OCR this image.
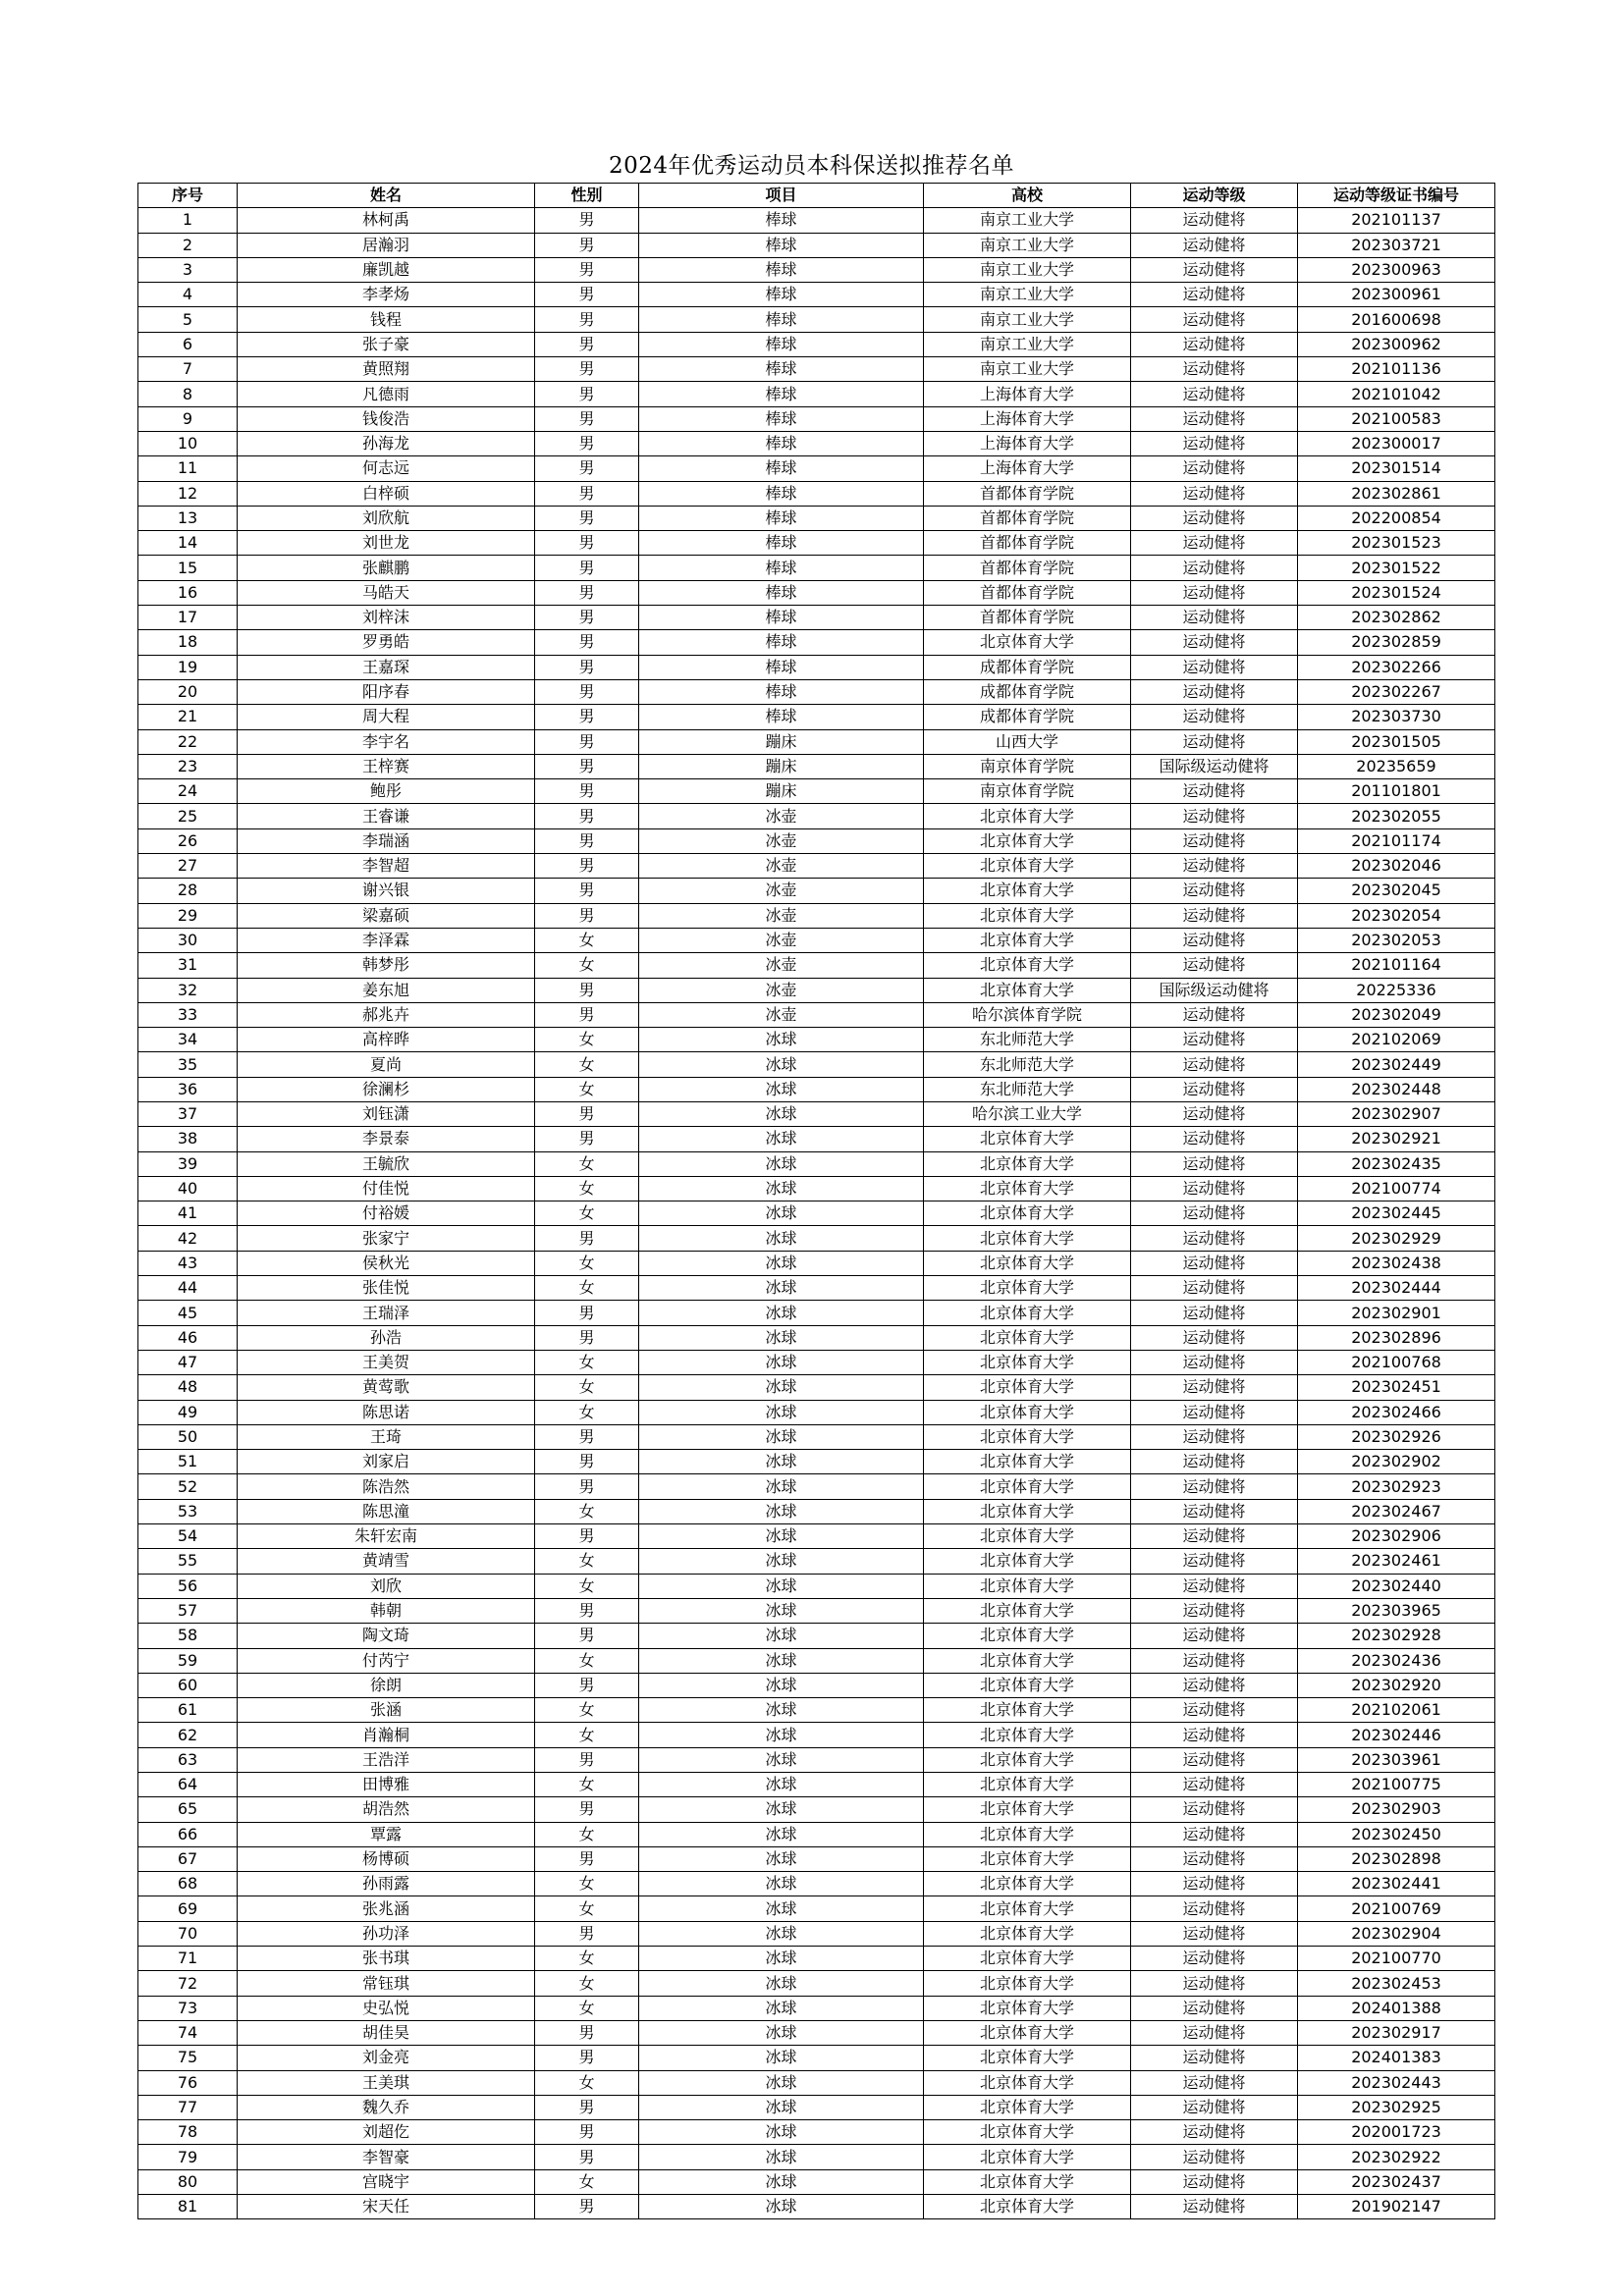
2024年优秀运动员本科保送拟推荐名单
序号	姓名	性别	项目	高校	运动等级	运动等级证书编号
1	林柯禹	男	棒球	南京工业大学	运动健将	202101137
2	居瀚羽	男	棒球	南京工业大学	运动健将	202303721
3	廉凯越	男	棒球	南京工业大学	运动健将	202300963
4	李孝炀	男	棒球	南京工业大学	运动健将	202300961
5	钱程	男	棒球	南京工业大学	运动健将	201600698
6	张子豪	男	棒球	南京工业大学	运动健将	202300962
7	黄照翔	男	棒球	南京工业大学	运动健将	202101136
8	凡德雨	男	棒球	上海体育大学	运动健将	202101042
9	钱俊浩	男	棒球	上海体育大学	运动健将	202100583
10	孙海龙	男	棒球	上海体育大学	运动健将	202300017
11	何志远	男	棒球	上海体育大学	运动健将	202301514
12	白梓硕	男	棒球	首都体育学院	运动健将	202302861
13	刘欣航	男	棒球	首都体育学院	运动健将	202200854
14	刘世龙	男	棒球	首都体育学院	运动健将	202301523
15	张麒鹏	男	棒球	首都体育学院	运动健将	202301522
16	马皓天	男	棒球	首都体育学院	运动健将	202301524
17	刘梓沫	男	棒球	首都体育学院	运动健将	202302862
18	罗勇皓	男	棒球	北京体育大学	运动健将	202302859
19	王嘉琛	男	棒球	成都体育学院	运动健将	202302266
20	阳序春	男	棒球	成都体育学院	运动健将	202302267
21	周大程	男	棒球	成都体育学院	运动健将	202303730
22	李宇名	男	蹦床	山西大学	运动健将	202301505
23	王梓赛	男	蹦床	南京体育学院	国际级运动健将	20235659
24	鲍彤	男	蹦床	南京体育学院	运动健将	201101801
25	王睿谦	男	冰壶	北京体育大学	运动健将	202302055
26	李瑞涵	男	冰壶	北京体育大学	运动健将	202101174
27	李智超	男	冰壶	北京体育大学	运动健将	202302046
28	谢兴银	男	冰壶	北京体育大学	运动健将	202302045
29	梁嘉硕	男	冰壶	北京体育大学	运动健将	202302054
30	李泽霖	女	冰壶	北京体育大学	运动健将	202302053
31	韩梦彤	女	冰壶	北京体育大学	运动健将	202101164
32	姜东旭	男	冰壶	北京体育大学	国际级运动健将	20225336
33	郝兆卉	男	冰壶	哈尔滨体育学院	运动健将	202302049
34	高梓晔	女	冰球	东北师范大学	运动健将	202102069
35	夏尚	女	冰球	东北师范大学	运动健将	202302449
36	徐澜杉	女	冰球	东北师范大学	运动健将	202302448
37	刘钰潇	男	冰球	哈尔滨工业大学	运动健将	202302907
38	李景泰	男	冰球	北京体育大学	运动健将	202302921
39	王毓欣	女	冰球	北京体育大学	运动健将	202302435
40	付佳悦	女	冰球	北京体育大学	运动健将	202100774
41	付裕媛	女	冰球	北京体育大学	运动健将	202302445
42	张家宁	男	冰球	北京体育大学	运动健将	202302929
43	侯秋光	女	冰球	北京体育大学	运动健将	202302438
44	张佳悦	女	冰球	北京体育大学	运动健将	202302444
45	王瑞泽	男	冰球	北京体育大学	运动健将	202302901
46	孙浩	男	冰球	北京体育大学	运动健将	202302896
47	王美贺	女	冰球	北京体育大学	运动健将	202100768
48	黄莺歌	女	冰球	北京体育大学	运动健将	202302451
49	陈思诺	女	冰球	北京体育大学	运动健将	202302466
50	王琦	男	冰球	北京体育大学	运动健将	202302926
51	刘家启	男	冰球	北京体育大学	运动健将	202302902
52	陈浩然	男	冰球	北京体育大学	运动健将	202302923
53	陈思潼	女	冰球	北京体育大学	运动健将	202302467
54	朱轩宏南	男	冰球	北京体育大学	运动健将	202302906
55	黄靖雪	女	冰球	北京体育大学	运动健将	202302461
56	刘欣	女	冰球	北京体育大学	运动健将	202302440
57	韩朝	男	冰球	北京体育大学	运动健将	202303965
58	陶文琦	男	冰球	北京体育大学	运动健将	202302928
59	付芮宁	女	冰球	北京体育大学	运动健将	202302436
60	徐朗	男	冰球	北京体育大学	运动健将	202302920
61	张涵	女	冰球	北京体育大学	运动健将	202102061
62	肖瀚桐	女	冰球	北京体育大学	运动健将	202302446
63	王浩洋	男	冰球	北京体育大学	运动健将	202303961
64	田博雅	女	冰球	北京体育大学	运动健将	202100775
65	胡浩然	男	冰球	北京体育大学	运动健将	202302903
66	覃露	女	冰球	北京体育大学	运动健将	202302450
67	杨博硕	男	冰球	北京体育大学	运动健将	202302898
68	孙雨露	女	冰球	北京体育大学	运动健将	202302441
69	张兆涵	女	冰球	北京体育大学	运动健将	202100769
70	孙功泽	男	冰球	北京体育大学	运动健将	202302904
71	张书琪	女	冰球	北京体育大学	运动健将	202100770
72	常钰琪	女	冰球	北京体育大学	运动健将	202302453
73	史弘悦	女	冰球	北京体育大学	运动健将	202401388
74	胡佳昊	男	冰球	北京体育大学	运动健将	202302917
75	刘金亮	男	冰球	北京体育大学	运动健将	202401383
76	王美琪	女	冰球	北京体育大学	运动健将	202302443
77	魏久乔	男	冰球	北京体育大学	运动健将	202302925
78	刘超仡	男	冰球	北京体育大学	运动健将	202001723
79	李智豪	男	冰球	北京体育大学	运动健将	202302922
80	宫晓宇	女	冰球	北京体育大学	运动健将	202302437
81	宋天任	男	冰球	北京体育大学	运动健将	201902147
